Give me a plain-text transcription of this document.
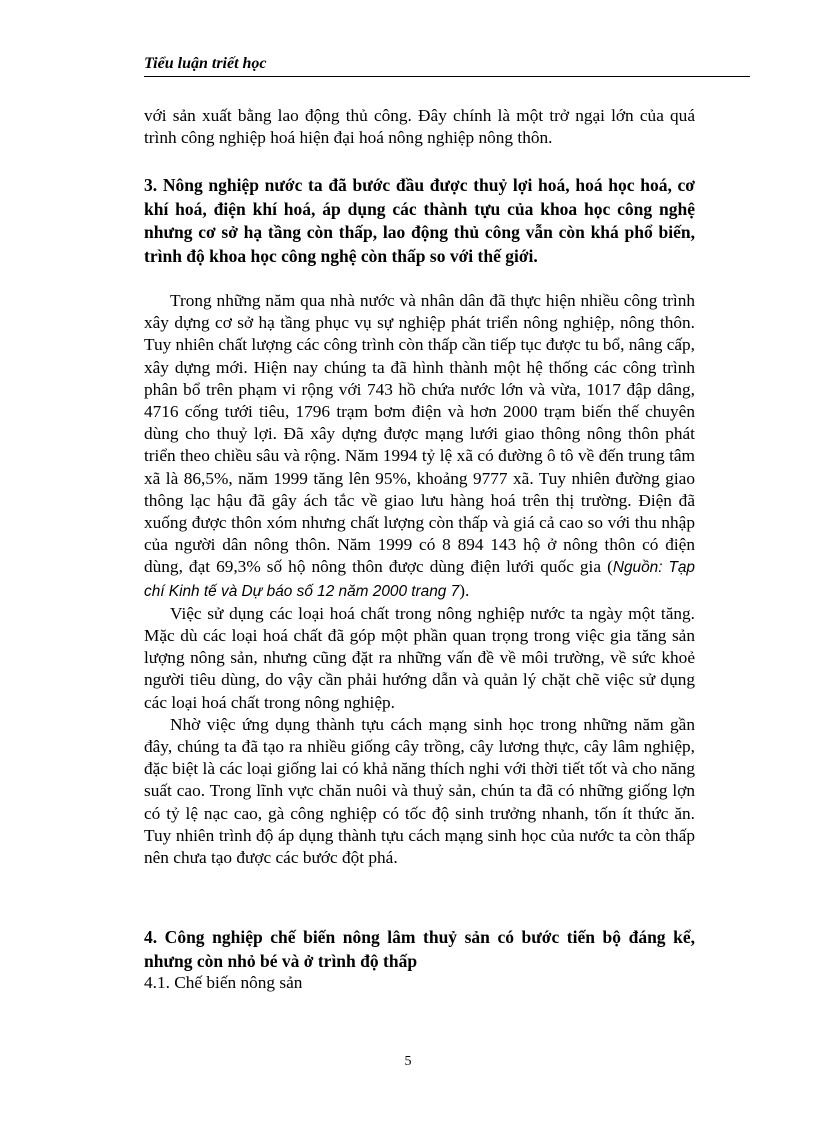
Tiểu luận triết học

với sản xuất bằng lao động thủ công. Đây chính là một trở ngại lớn của quá trình công nghiệp hoá hiện đại hoá nông nghiệp nông thôn.

3. Nông nghiệp nước ta đã bước đầu được thuỷ lợi hoá, hoá học hoá, cơ khí hoá, điện khí hoá, áp dụng các thành tựu của khoa học công nghệ nhưng cơ sở hạ tầng còn thấp, lao động thủ công vẫn còn khá phổ biến, trình độ khoa học công nghệ còn thấp so với thế giới.

Trong những năm qua nhà nước và nhân dân đã thực hiện nhiều công trình xây dựng cơ sở hạ tầng phục vụ sự nghiệp phát triển nông nghiệp, nông thôn. Tuy nhiên chất lượng các công trình còn thấp cần tiếp tục được tu bổ, nâng cấp, xây dựng mới. Hiện nay chúng ta đã hình thành một hệ thống các công trình phân bổ trên phạm vi rộng với 743 hồ chứa nước lớn và vừa, 1017 đập dâng, 4716 cống tưới tiêu, 1796 trạm bơm điện và hơn 2000 trạm biến thế chuyên dùng cho thuỷ lợi. Đã xây dựng được mạng lưới giao thông nông thôn phát triển theo chiều sâu và rộng. Năm 1994 tỷ lệ xã có đường ô tô về đến trung tâm xã là 86,5%, năm 1999 tăng lên 95%, khoảng 9777 xã. Tuy nhiên đường giao thông lạc hậu đã gây ách tắc về giao lưu hàng hoá trên thị trường. Điện đã xuống được thôn xóm nhưng chất lượng còn thấp và giá cả cao so với thu nhập của người dân nông thôn. Năm 1999 có 8 894 143 hộ ở nông thôn có điện dùng, đạt 69,3% số hộ nông thôn được dùng điện lưới quốc gia (Nguồn: Tạp chí Kinh tế và Dự báo số 12 năm 2000 trang 7).

Việc sử dụng các loại hoá chất trong nông nghiệp nước ta ngày một tăng. Mặc dù các loại hoá chất đã góp một phần quan trọng trong việc gia tăng sản lượng nông sản, nhưng cũng đặt ra những vấn đề về môi trường, về sức khoẻ người tiêu dùng, do vậy cần phải hướng dẫn và quản lý chặt chẽ việc sử dụng các loại hoá chất trong nông nghiệp.

Nhờ việc ứng dụng thành tựu cách mạng sinh học trong những năm gần đây, chúng ta đã tạo ra nhiều giống cây trồng, cây lương thực, cây lâm nghiệp, đặc biệt là các loại giống lai có khả năng thích nghi với thời tiết tốt và cho năng suất cao. Trong lĩnh vực chăn nuôi và thuỷ sản, chún ta đã có những giống lợn có tỷ lệ nạc cao, gà công nghiệp có tốc độ sinh trưởng nhanh, tốn ít thức ăn. Tuy nhiên trình độ áp dụng thành tựu cách mạng sinh học của nước ta còn thấp nên chưa tạo được các bước đột phá.

4. Công nghiệp chế biến nông lâm thuỷ sản có bước tiến bộ đáng kể, nhưng còn nhỏ bé và ở trình độ thấp

4.1. Chế biến nông sản

5
